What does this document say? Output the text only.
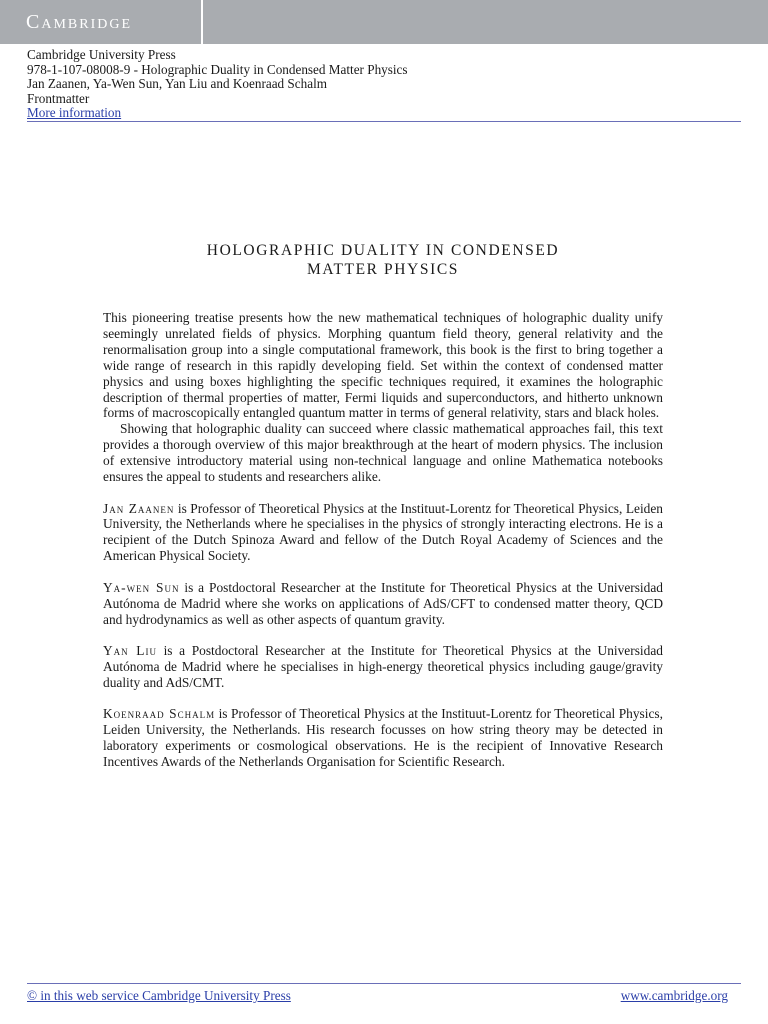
Cambridge
Cambridge University Press
978-1-107-08008-9 - Holographic Duality in Condensed Matter Physics
Jan Zaanen, Ya-Wen Sun, Yan Liu and Koenraad Schalm
Frontmatter
More information
HOLOGRAPHIC DUALITY IN CONDENSED
MATTER PHYSICS

This pioneering treatise presents how the new mathematical techniques of holographic duality unify seemingly unrelated fields of physics. Morphing quantum field theory, general relativity and the renormalisation group into a single computational framework, this book is the first to bring together a wide range of research in this rapidly developing field. Set within the context of condensed matter physics and using boxes highlighting the specific techniques required, it examines the holographic description of thermal properties of matter, Fermi liquids and superconductors, and hitherto unknown forms of macroscopically entangled quantum matter in terms of general relativity, stars and black holes.

Showing that holographic duality can succeed where classic mathematical approaches fail, this text provides a thorough overview of this major breakthrough at the heart of modern physics. The inclusion of extensive introductory material using non-technical language and online Mathematica notebooks ensures the appeal to students and researchers alike.

Jan Zaanen is Professor of Theoretical Physics at the Instituut-Lorentz for Theoretical Physics, Leiden University, the Netherlands where he specialises in the physics of strongly interacting electrons. He is a recipient of the Dutch Spinoza Award and fellow of the Dutch Royal Academy of Sciences and the American Physical Society.

Ya-wen Sun is a Postdoctoral Researcher at the Institute for Theoretical Physics at the Universidad Autónoma de Madrid where she works on applications of AdS/CFT to condensed matter theory, QCD and hydrodynamics as well as other aspects of quantum gravity.

Yan Liu is a Postdoctoral Researcher at the Institute for Theoretical Physics at the Universidad Autónoma de Madrid where he specialises in high-energy theoretical physics including gauge/gravity duality and AdS/CMT.

Koenraad Schalm is Professor of Theoretical Physics at the Instituut-Lorentz for Theoretical Physics, Leiden University, the Netherlands. His research focusses on how string theory may be detected in laboratory experiments or cosmological observations. He is the recipient of Innovative Research Incentives Awards of the Netherlands Organisation for Scientific Research.

© in this web service Cambridge University Press	www.cambridge.org
